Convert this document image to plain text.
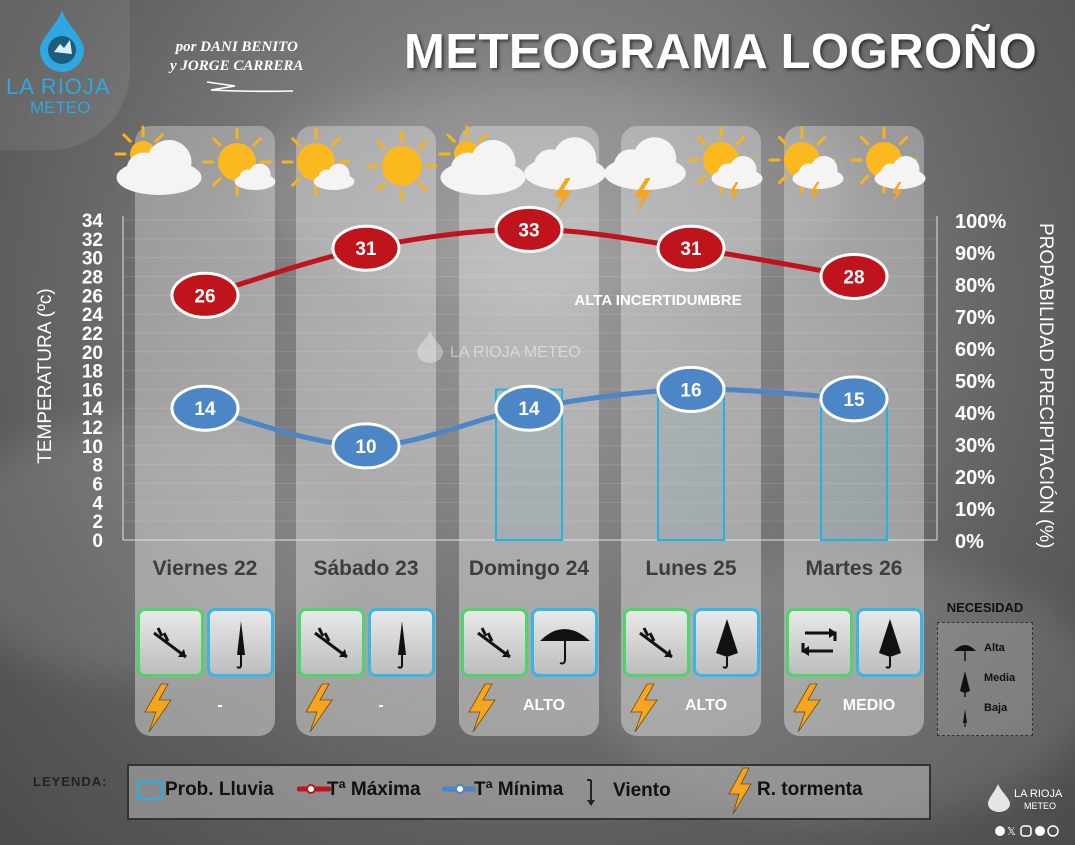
LA RIOJA
METEO
por DANI BENITO
y JORGE CARRERA METEOGRAMA LOGROÑO
0
2
4
6
8
10
12
14
16
18
20
22
24
26
28
30
32
34
0%
10%
20%
30%
40%
50%
60%
70%
80%
90%
100%
LA RIOJA METEO
26
31
33
31
28
14
10
14
16	15
ALTA INCERTIDUMBRE
TEMPERATURA (ºc)	PROPABILIDAD PRECIPITACIÓN (%)
Viernes 22
-
Sábado 23
-
Domingo 24
ALTO
Lunes 25
ALTO
Martes 26
MEDIO
NECESIDAD
Alta
Media
Baja
LEYENDA:	Prob. Lluvia	Tª Máxima	Tª Mínima	Viento	R. tormenta	LA RIOJA
METEO
𝕏
